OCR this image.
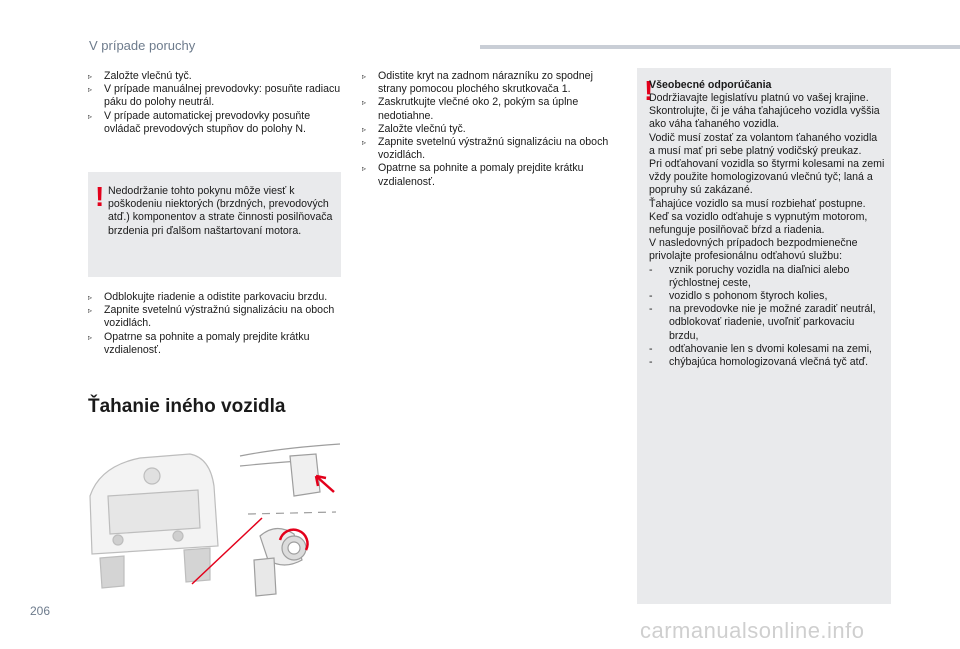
V prípade poruchy
▹ Založte vlečnú tyč.
▹ V prípade manuálnej prevodovky: posuňte radiacu páku do polohy neutrál.
▹ V prípade automatickej prevodovky posuňte ovládač prevodových stupňov do polohy N.
! Nedodržanie tohto pokynu môže viesť k poškodeniu niektorých (brzdných, prevodových atď.) komponentov a strate činnosti posilňovača brzdenia pri ďalšom naštartovaní motora.
▹ Odblokujte riadenie a odistite parkovaciu brzdu.
▹ Zapnite svetelnú výstražnú signalizáciu na oboch vozidlách.
▹ Opatrne sa pohnite a pomaly prejdite krátku vzdialenosť.
Ťahanie iného vozidla
▹ Odistite kryt na zadnom nárazníku zo spodnej strany pomocou plochého skrutkovača 1.
▹ Zaskrutkujte vlečné oko 2, pokým sa úplne nedotiahne.
▹ Založte vlečnú tyč.
▹ Zapnite svetelnú výstražnú signalizáciu na oboch vozidlách.
▹ Opatrne sa pohnite a pomaly prejdite krátku vzdialenosť.
!
Všeobecné odporúčania

Dodržiavajte legislatívu platnú vo vašej krajine.

Skontrolujte, či je váha ťahajúceho vozidla vyššia ako váha ťahaného vozidla.

Vodič musí zostať za volantom ťahaného vozidla a musí mať pri sebe platný vodičský preukaz.

Pri odťahovaní vozidla so štyrmi kolesami na zemi vždy použite homologizovanú vlečnú tyč; laná a popruhy sú zakázané.

Ťahajúce vozidlo sa musí rozbiehať postupne.

Keď sa vozidlo odťahuje s vypnutým motorom, nefunguje posilňovač bŕzd a riadenia.

V nasledovných prípadoch bezpodmienečne privolajte profesionálnu odťahovú službu:

- vznik poruchy vozidla na diaľnici alebo rýchlostnej ceste,
- vozidlo s pohonom štyroch kolies,
- na prevodovke nie je možné zaradiť neutrál, odblokovať riadenie, uvoľniť parkovaciu brzdu,
- odťahovanie len s dvomi kolesami na zemi,
- chýbajúca homologizovaná vlečná tyč atď.
206
carmanualsonline.info
